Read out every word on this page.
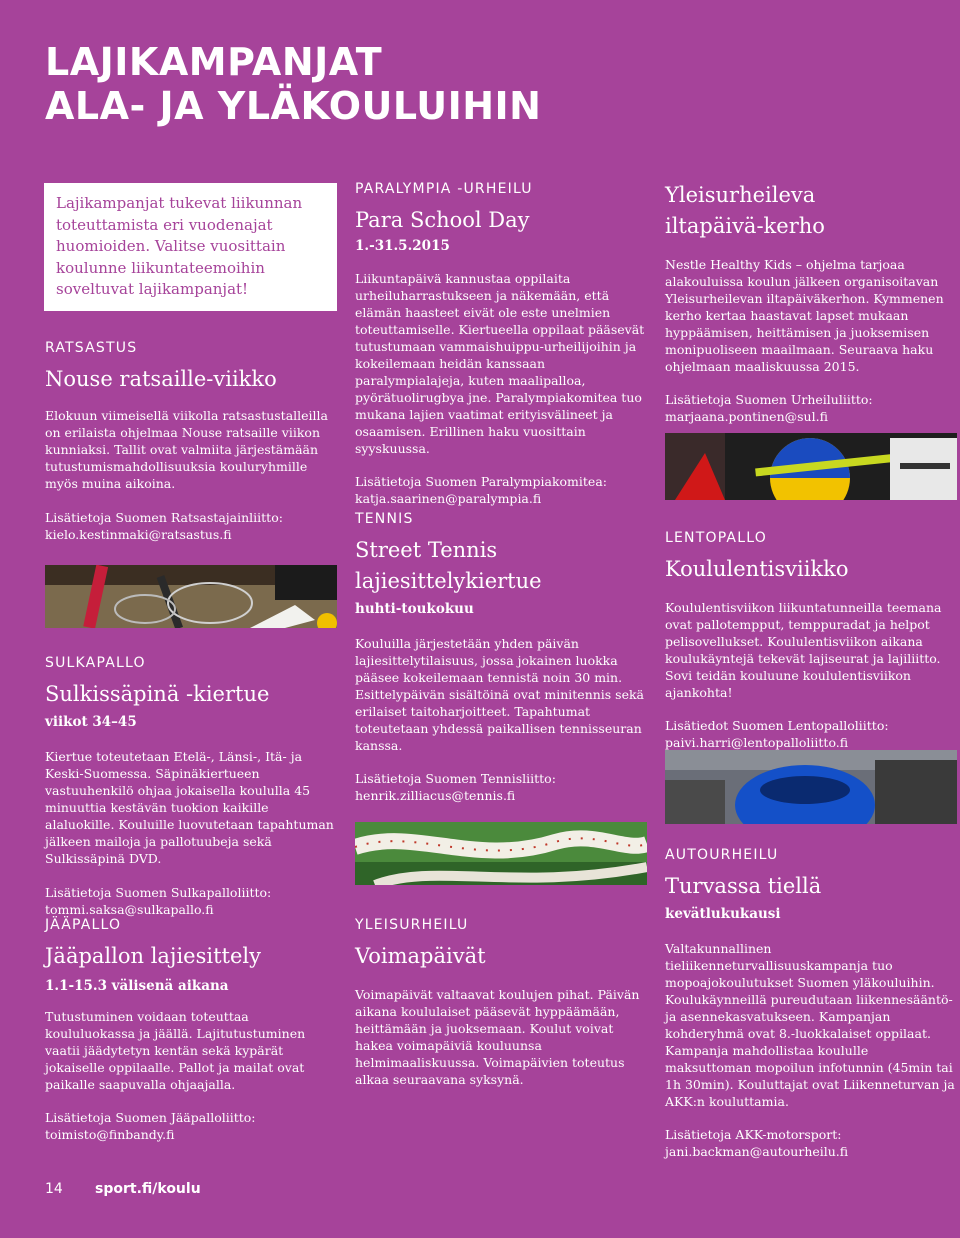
LAJIKAMPANJAT
ALA- JA YLÄKOULUIHIN

Lajikampanjat tukevat liikunnan toteuttamista eri vuodenajat huomioiden. Valitse vuosittain koulunne liikuntateemoihin soveltuvat lajikampanjat!

RATSASTUS

Nouse ratsaille-viikko

Elokuun viimeisellä viikolla ratsastustalleilla on erilaista ohjelmaa Nouse ratsaille viikon kunniaksi. Tallit ovat valmiita järjestämään tutustumismahdollisuuksia kouluryhmille myös muina aikoina.

Lisätietoja Suomen Ratsastajainliitto:
kielo.kestinmaki@ratsastus.fi

SULKAPALLO

Sulkissäpinä -kiertue

viikot 34–45

Kiertue toteutetaan Etelä-, Länsi-, Itä- ja Keski-Suomessa. Säpinäkiertueen vastuuhenkilö ohjaa jokaisella koululla 45 minuuttia kestävän tuokion kaikille alaluokille. Kouluille luovutetaan tapahtuman jälkeen mailoja ja pallotuubeja sekä Sulkissäpinä DVD.

Lisätietoja Suomen Sulkapalloliitto:
tommi.saksa@sulkapallo.fi

JÄÄPALLO

Jääpallon lajiesittely

1.1-15.3 välisenä aikana

Tutustuminen voidaan toteuttaa koululuokassa ja jäällä. Lajitutustuminen vaatii jäädytetyn kentän sekä kypärät jokaiselle oppilaalle. Pallot ja mailat ovat paikalle saapuvalla ohjaajalla.

Lisätietoja Suomen Jääpalloliitto:
toimisto@finbandy.fi

PARALYMPIA -URHEILU

Para School Day

1.-31.5.2015

Liikuntapäivä kannustaa oppilaita urheiluharrastukseen ja näkemään, että elämän haasteet eivät ole este unelmien toteuttamiselle. Kiertueella oppilaat pääsevät tutustumaan vammaishuippu-urheilijoihin ja kokeilemaan heidän kanssaan paralympialajeja, kuten maalipalloa, pyörätuolirugbya jne. Paralympiakomitea tuo mukana lajien vaatimat erityisvälineet ja osaamisen. Erillinen haku vuosittain syyskuussa.

Lisätietoja Suomen Paralympiakomitea:
katja.saarinen@paralympia.fi

TENNIS

Street Tennis
lajiesittelykiertue

huhti-toukokuu

Kouluilla järjestetään yhden päivän lajiesittelytilaisuus, jossa jokainen luokka pääsee kokeilemaan tennistä noin 30 min. Esittelypäivän sisältöinä ovat minitennis sekä erilaiset taitoharjoitteet. Tapahtumat toteutetaan yhdessä paikallisen tennisseuran kanssa.

Lisätietoja Suomen Tennisliitto:
henrik.zilliacus@tennis.fi

YLEISURHEILU

Voimapäivät

Voimapäivät valtaavat koulujen pihat. Päivän aikana koululaiset pääsevät hyppäämään, heittämään ja juoksemaan. Koulut voivat hakea voimapäiviä kouluunsa helmimaaliskuussa. Voimapäivien toteutus alkaa seuraavana syksynä.

Yleisurheileva
iltapäivä-kerho

Nestle Healthy Kids – ohjelma tarjoaa alakouluissa koulun jälkeen organisoitavan Yleisurheilevan iltapäiväkerhon. Kymmenen kerho kertaa haastavat lapset mukaan hyppäämisen, heittämisen ja juoksemisen monipuoliseen maailmaan. Seuraava haku ohjelmaan maaliskuussa 2015.

Lisätietoja Suomen Urheiluliitto:
marjaana.pontinen@sul.fi

LENTOPALLO

Koululentisviikko

Koululentisviikon liikuntatunneilla teemana ovat pallotempput, temppuradat ja helpot pelisovellukset. Koululentisviikon aikana koulukäyntejä tekevät lajiseurat ja lajiliitto. Sovi teidän kouluune koululentisviikon ajankohta!

Lisätiedot Suomen Lentopalloliitto:
paivi.harri@lentopalloliitto.fi

AUTOURHEILU

Turvassa tiellä

kevätlukukausi

Valtakunnallinen tieliikenneturvallisuuskampanja tuo mopoajokoulutukset Suomen yläkouluihin. Koulukäynneillä pureudutaan liikennesääntö- ja asennekasvatukseen. Kampanjan kohderyhmä ovat 8.-luokkalaiset oppilaat. Kampanja mahdollistaa koululle maksuttoman mopoilun infotunnin (45min tai 1h 30min). Kouluttajat ovat Liikenneturvan ja AKK:n kouluttamia.

Lisätietoja AKK-motorsport:
jani.backman@autourheilu.fi

14 sport.fi/koulu
